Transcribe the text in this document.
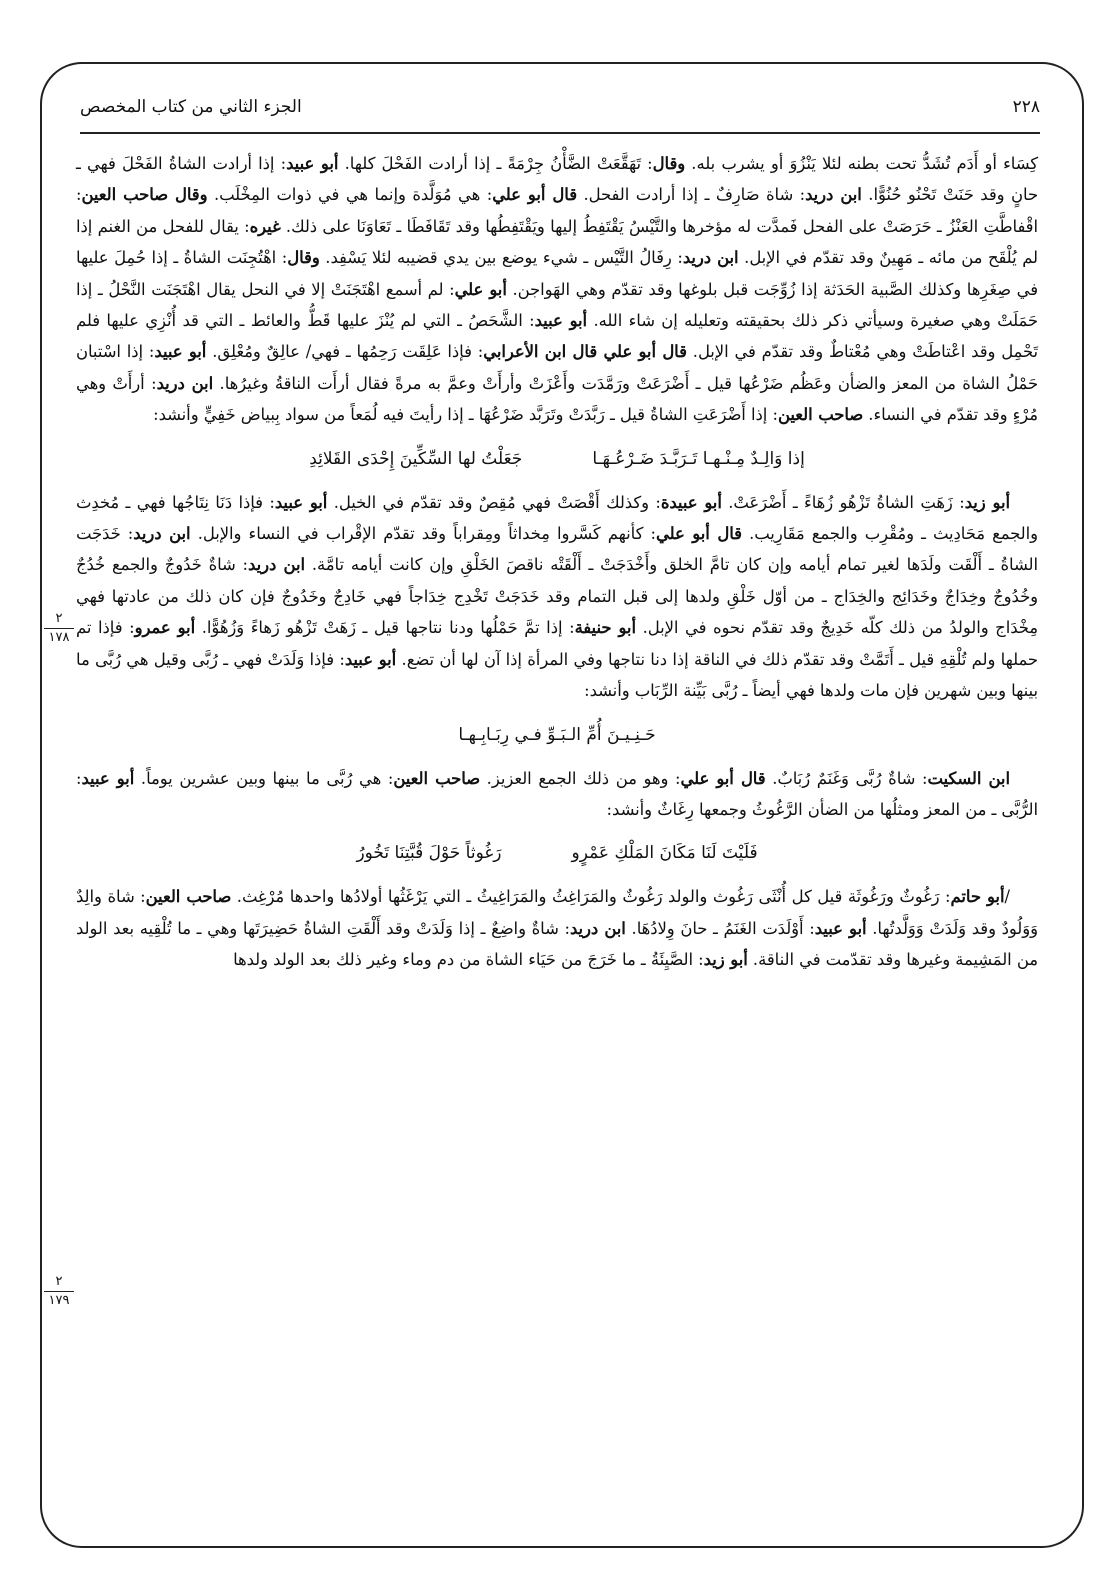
٢٢٨
الجزء الثاني من كتاب المخصص
٢
١٧٨
٢
١٧٩

كِسَاء أو أَدَم تُشَدُّ تحت بطنه لئلا يَنْزُوَ أو يشرب بله. وقال: تَهَقَّعَتْ الضَّأْنُ جِرْمَةً ـ إذا أرادت الفَحْلَ كلها. أبو عبيد: إذا أرادت الشاةُ الفَحْلَ فهي ـ حانٍ وقد حَنَتْ تَحْنُو حُنُوًّا. ابن دريد: شاة صَارِفٌ ـ إذا أرادت الفحل. قال أبو علي: هي مُوَلَّدة وإنما هي في ذوات المِخْلَب. وقال صاحب العين: اقْفاطَّتِ العَنْزُ ـ حَرَصَتْ على الفحل فَمدَّت له مؤخرها والتَّيْسُ يَقْتَفِطُ إليها ويَقْتَفِطُها وقد تَقَافَطَا ـ تَعَاوَنَا على ذلك. غيره: يقال للفحل من الغنم إذا لم يُلْقَح من مائه ـ مَهِينٌ وقد تقدّم في الإبل. ابن دريد: رِفَالُ التَّيْس ـ شيء يوضع بين يدي قضيبه لئلا يَسْفِد. وقال: اهْتُجِنَت الشاةُ ـ إذا حُمِلَ عليها في صِغَرِها وكذلك الصَّبية الحَدَثة إذا زُوِّجَت قبل بلوغها وقد تقدّم وهي الهَواجن. أبو علي: لم أسمع اهْتَجَنَتْ إلا في النحل يقال اهْتَجَنَت النَّحْلُ ـ إذا حَمَلَتْ وهي صغيرة وسيأتي ذكر ذلك بحقيقته وتعليله إن شاء الله. أبو عبيد: الشَّحَصُ ـ التي لم يُنْزَ عليها قَطُّ والعائط ـ التي قد أُنْزِي عليها فلم تَحْمِل وقد اعْتاطَتْ وهي مُعْتاطٌ وقد تقدّم في الإبل. قال أبو علي قال ابن الأعرابي: فإذا عَلِقَت رَحِمُها ـ فهي/ عالِقٌ ومُعْلِق. أبو عبيد: إذا اسْتبان حَمْلُ الشاة من المعز والضأن وعَظُم ضَرْعُها قيل ـ أَضْرَعَتْ ورَمَّدَت وأَعْزَتْ وأرأَتْ وعمَّ به مرةً فقال أرأَت الناقةُ وغيرُها. ابن دريد: أرأَتْ وهي مُرْءٍ وقد تقدّم في النساء. صاحب العين: إذا أَضْرَعَتِ الشاةُ قيل ـ رَبَّدَتْ وتَرَبَّد ضَرْعُهَا ـ إذا رأيتَ فيه لُمَعاً من سواد بِبياض خَفِيٍّ وأنشد:

إذا وَالِـدٌ مِـنْـهـا تَـرَبَّـدَ ضَـرْعُـهَـا
جَعَلْتُ لها السِّكِّينَ إِحْدَى القَلائِدِ

أبو زيد: زَهَتِ الشاةُ تَزْهُو زُهَاءً ـ أَضْرَعَتْ. أبو عبيدة: وكذلك أَقْصَتْ فهي مُقِصٌ وقد تقدّم في الخيل. أبو عبيد: فإذا دَنَا نِتَاجُها فهي ـ مُخدِث والجمع مَحَادِيث ـ ومُقْرِب والجمع مَقَارِيب. قال أبو علي: كأنهم كَسَّروا مِخداثاً ومِقراباً وقد تقدّم الإقْراب في النساء والإبل. ابن دريد: خَدَجَت الشاةُ ـ أَلْقَت ولَدَها لغير تمام أيامه وإن كان تامَّ الخلق وأَخْدَجَتْ ـ أَلْقَتْه ناقصَ الخَلْقِ وإن كانت أيامه تامَّة. ابن دريد: شاةٌ خَدُوجٌ والجمع خُدُجٌ وخُدُوجٌ وخِدَاجٌ وخَدَائِج والخِدَاج ـ من أوّل خَلْقِ ولدها إلى قبل التمام وقد خَدَجَتْ تَخْدِج خِدَاجاً فهي خَادِجٌ وخَدُوجٌ فإن كان ذلك من عادتها فهي مِخْدَاج والولدُ من ذلك كلّه خَدِيجٌ وقد تقدّم نحوه في الإبل. أبو حنيفة: إذا تمَّ حَمْلُها ودنا نتاجها قيل ـ زَهَتْ تَزْهُو زَهاءً وَزُهُوًّا. أبو عمرو: فإذا تم حملها ولم تُلْقِهِ قيل ـ أَتَمَّتْ وقد تقدّم ذلك في الناقة إذا دنا نتاجها وفي المرأة إذا آن لها أن تضع. أبو عبيد: فإذا وَلَدَتْ فهي ـ رُبَّى وقيل هي رُبَّى ما بينها وبين شهرين فإن مات ولدها فهي أيضاً ـ رُبَّى بَيِّنة الرِّبَاب وأنشد:

حَـنِـيـنَ أُمِّ الـبَـوِّ فـي رِبَـابِـهـا

ابن السكيت: شاةٌ رُبَّى وَغَنَمٌ رُبَابٌ. قال أبو علي: وهو من ذلك الجمع العزيز. صاحب العين: هي رُبَّى ما بينها وبين عشرين يوماً. أبو عبيد: الرُّبَّى ـ من المعز ومثلُها من الضأن الرَّغُوثُ وجمعها رِغَاثٌ وأنشد:

فَلَيْتَ لَنَا مَكَانَ المَلْكِ عَمْرٍو
رَغُوثاً حَوْلَ قُبَّتِنَا تَخُورُ

/أبو حاتم: رَغُوثٌ ورَغُوثَة قيل كل أُنْثَى رَغُوث والولد رَغُوثٌ والمَرَاغِثُ والمَرَاغِيثُ ـ التي يَرْغَثُها أولادُها واحدها مُرْغِث. صاحب العين: شاة والِدٌ وَوَلُودٌ وقد وَلَدَتْ وَوَلَّدتُها. أبو عبيد: أَوْلَدَت الغَنَمُ ـ حانَ وِلادُهَا. ابن دريد: شاةٌ واضِعٌ ـ إذا وَلَدَتْ وقد أَلْقَتِ الشاةُ حَضِيرَتَها وهي ـ ما تُلْقِيه بعد الولد من المَشِيمة وغيرها وقد تقدّمت في الناقة. أبو زيد: الصَّيِئَةُ ـ ما خَرَجَ من حَيَاء الشاة من دم وماء وغير ذلك بعد الولد ولدها
